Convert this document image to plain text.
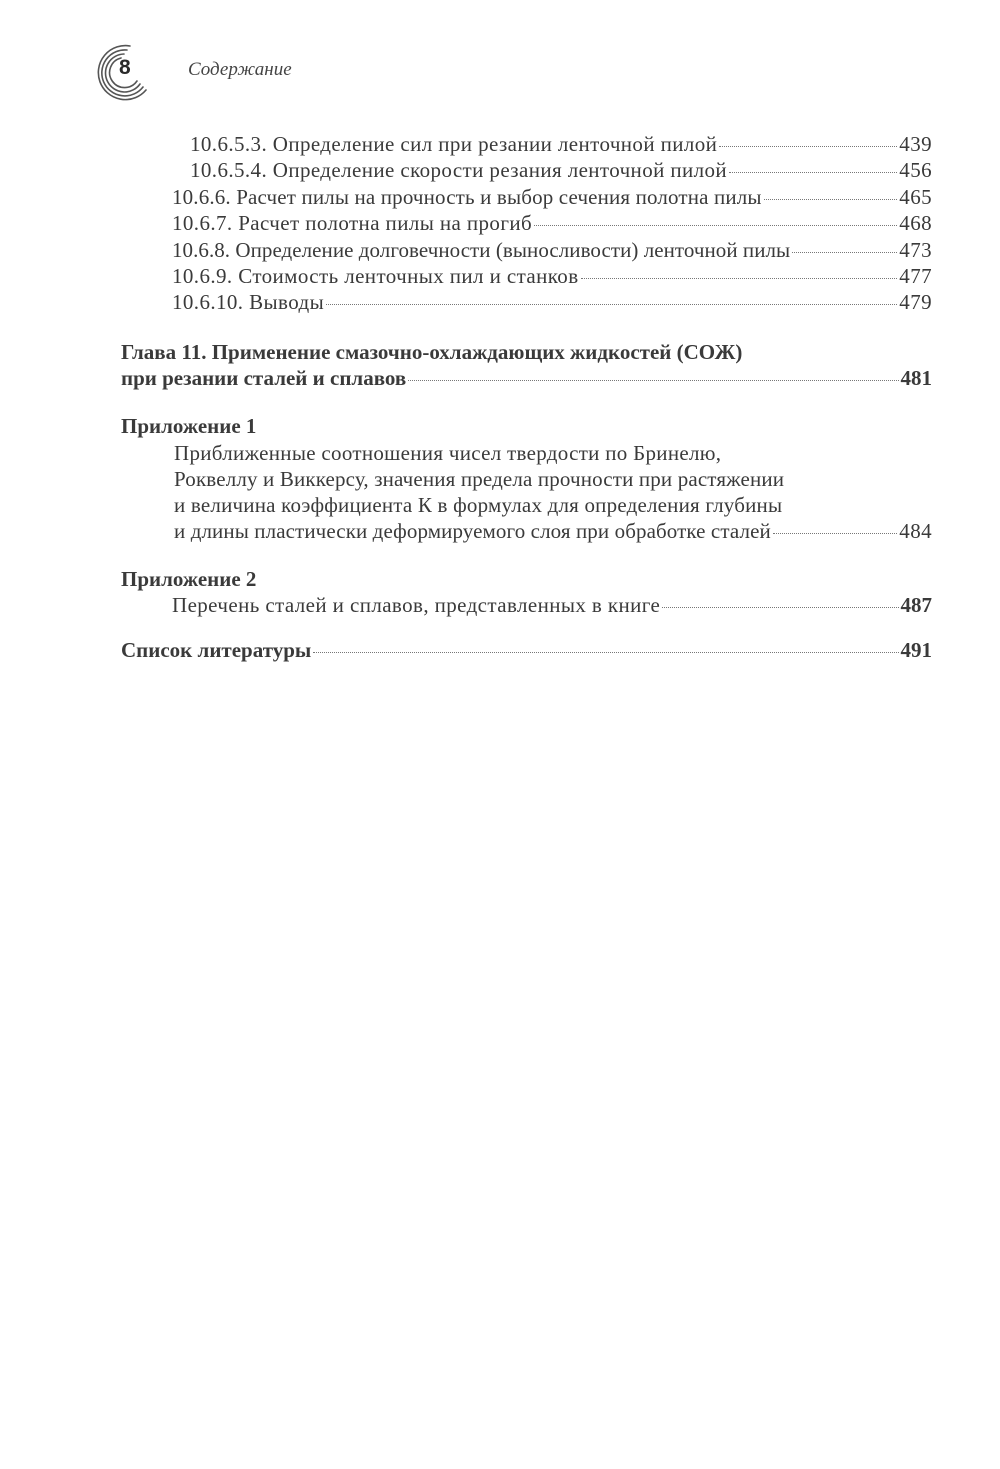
8	Содержание
10.6.5.3. Определение сил при резании ленточной пилой	439
10.6.5.4. Определение скорости резания ленточной пилой	456
10.6.6. Расчет пилы на прочность и выбор сечения полотна пилы	465
10.6.7. Расчет полотна пилы на прогиб	468
10.6.8. Определение долговечности (выносливости) ленточной пилы	473
10.6.9. Стоимость ленточных пил и станков	477
10.6.10. Выводы	479
Глава 11. Применение смазочно-охлаждающих жидкостей (СОЖ)
при резании сталей и сплавов	481
Приложение 1
Приближенные соотношения чисел твердости по Бринелю,
Роквеллу и Виккерсу, значения предела прочности при растяжении
и величина коэффициента К в формулах для определения глубины
и длины пластически деформируемого слоя при обработке сталей	484
Приложение 2
Перечень сталей и сплавов, представленных в книге	487
Список литературы	491
